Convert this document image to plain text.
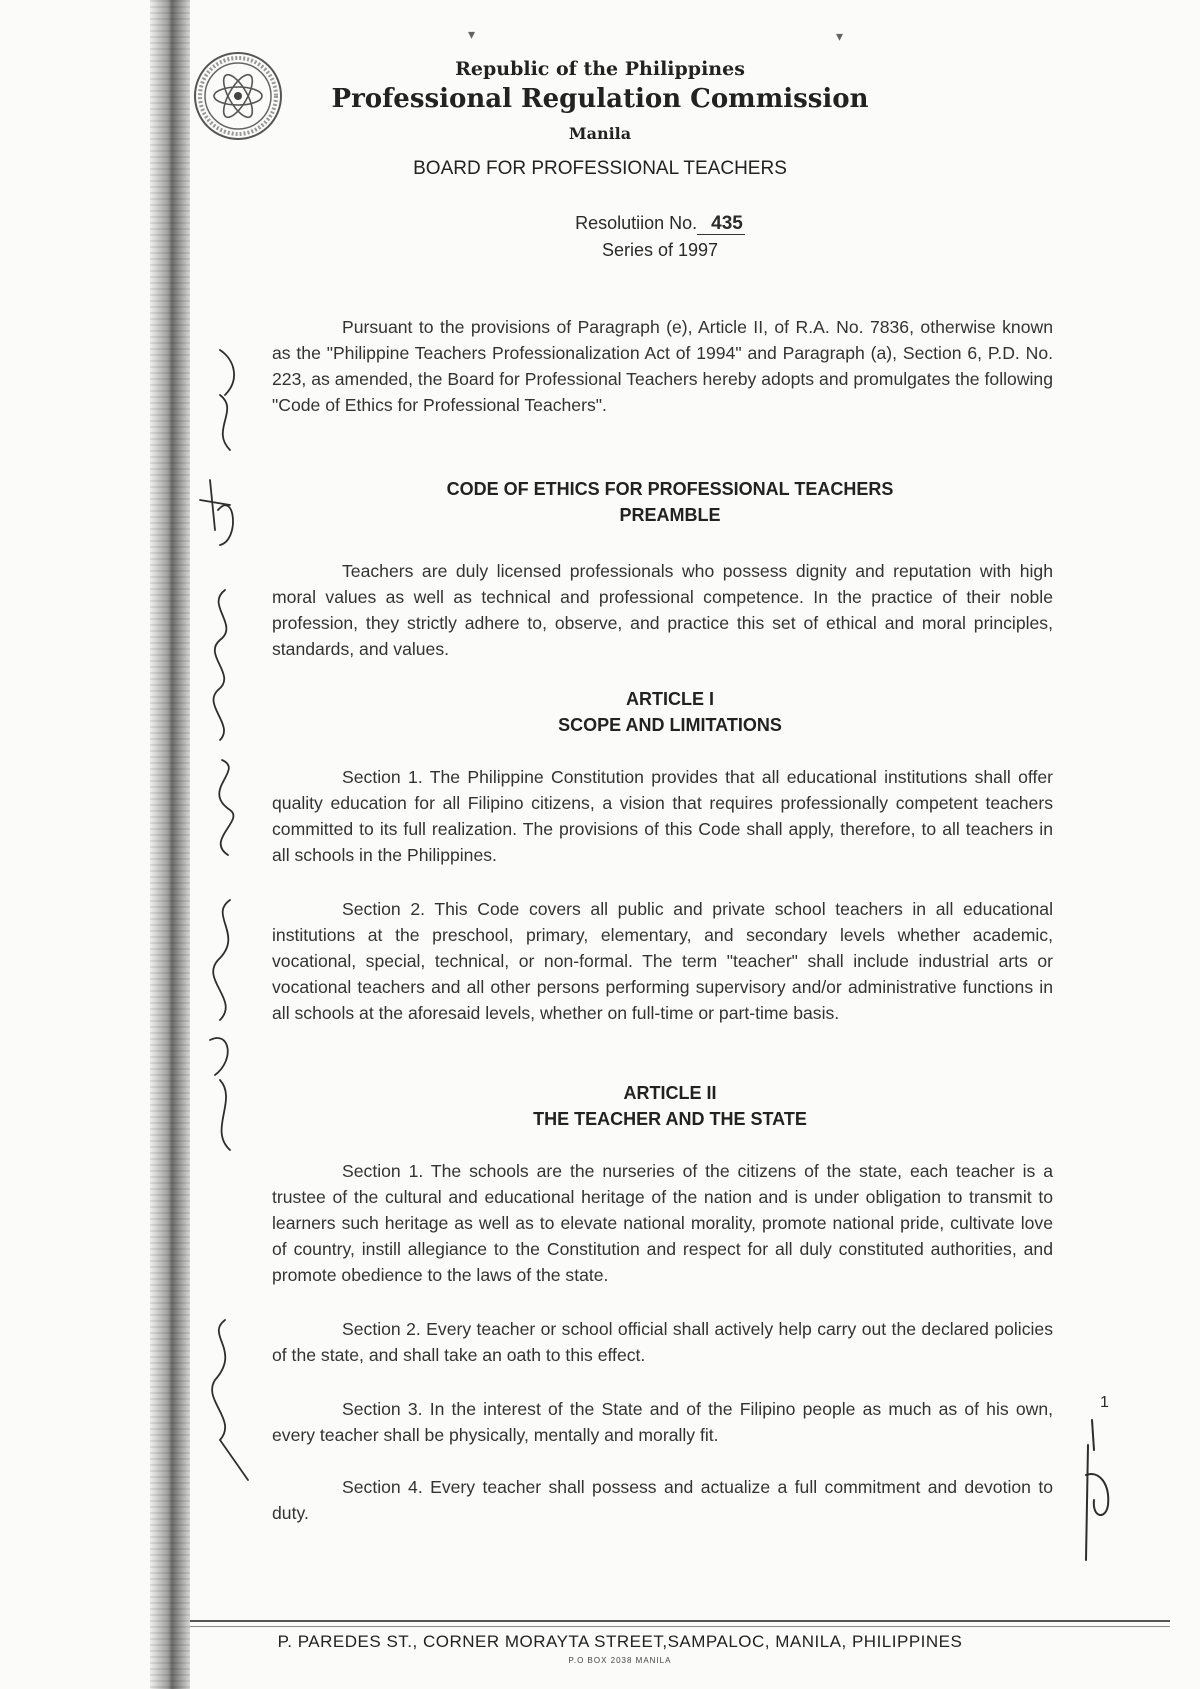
▾	▾
Republic of the Philippines
Professional Regulation Commission
Manila
BOARD FOR PROFESSIONAL TEACHERS
Resolutiion No. 435
Series of 1997

Pursuant to the provisions of Paragraph (e), Article II, of R.A. No. 7836, otherwise known as the "Philippine Teachers Professionalization Act of 1994" and Paragraph (a), Section 6, P.D. No. 223, as amended, the Board for Professional Teachers hereby adopts and promulgates the following "Code of Ethics for Professional Teachers".

CODE OF ETHICS FOR PROFESSIONAL TEACHERS

PREAMBLE

Teachers are duly licensed professionals who possess dignity and reputation with high moral values as well as technical and professional competence. In the practice of their noble profession, they strictly adhere to, observe, and practice this set of ethical and moral principles, standards, and values.

ARTICLE I

SCOPE AND LIMITATIONS

Section 1. The Philippine Constitution provides that all educational institutions shall offer quality education for all Filipino citizens, a vision that requires professionally competent teachers committed to its full realization. The provisions of this Code shall apply, therefore, to all teachers in all schools in the Philippines.

Section 2. This Code covers all public and private school teachers in all educational institutions at the preschool, primary, elementary, and secondary levels whether academic, vocational, special, technical, or non-formal. The term "teacher" shall include industrial arts or vocational teachers and all other persons performing supervisory and/or administrative functions in all schools at the aforesaid levels, whether on full-time or part-time basis.

ARTICLE II

THE TEACHER AND THE STATE

Section 1. The schools are the nurseries of the citizens of the state, each teacher is a trustee of the cultural and educational heritage of the nation and is under obligation to transmit to learners such heritage as well as to elevate national morality, promote national pride, cultivate love of country, instill allegiance to the Constitution and respect for all duly constituted authorities, and promote obedience to the laws of the state.

Section 2. Every teacher or school official shall actively help carry out the declared policies of the state, and shall take an oath to this effect.

Section 3. In the interest of the State and of the Filipino people as much as of his own, every teacher shall be physically, mentally and morally fit.

Section 4. Every teacher shall possess and actualize a full commitment and devotion to duty.

1
P. PAREDES ST., CORNER MORAYTA STREET,SAMPALOC, MANILA, PHILIPPINES
P.O BOX 2038 MANILA
